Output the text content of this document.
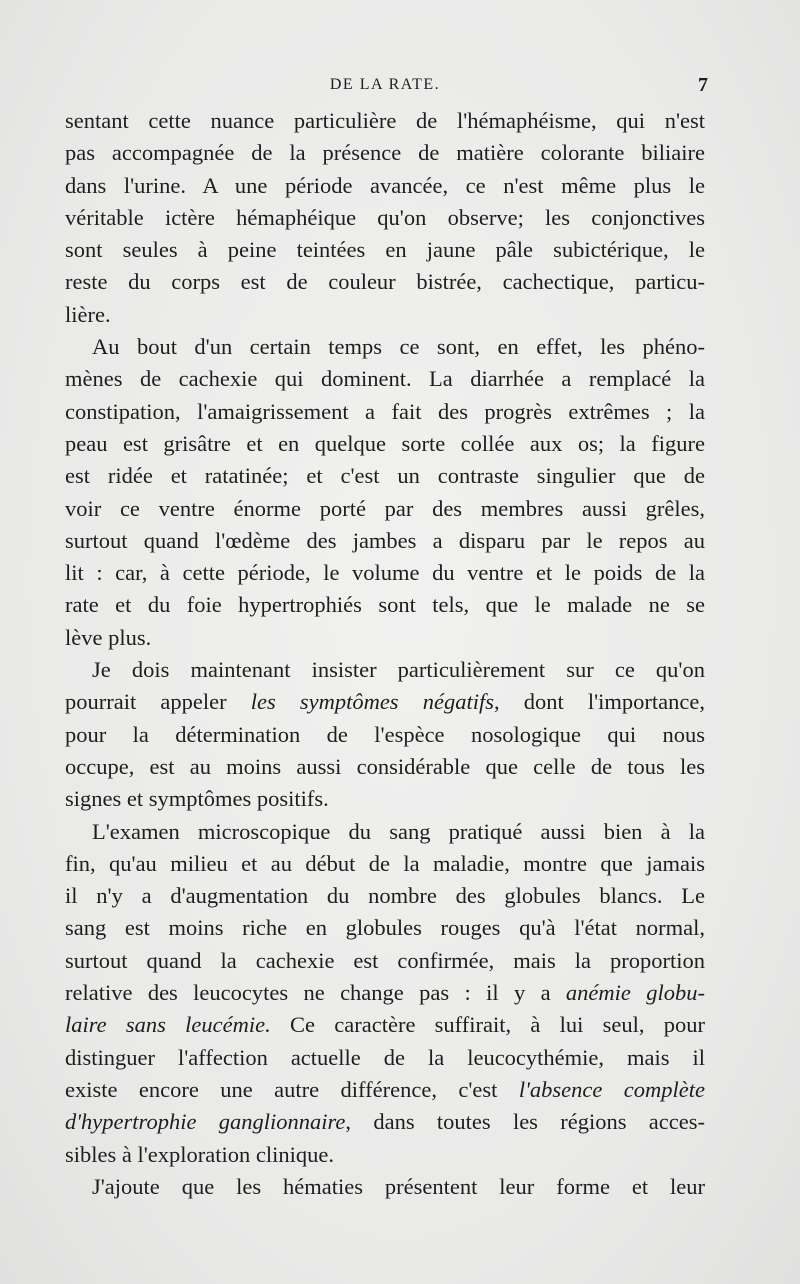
DE LA RATE.	7
sentant cette nuance particulière de l'hémaphéisme, qui n'est
pas accompagnée de la présence de matière colorante biliaire
dans l'urine. A une période avancée, ce n'est même plus le
véritable ictère hémaphéique qu'on observe; les conjonctives
sont seules à peine teintées en jaune pâle subictérique, le
reste du corps est de couleur bistrée, cachectique, particu-
lière.
Au bout d'un certain temps ce sont, en effet, les phéno-
mènes de cachexie qui dominent. La diarrhée a remplacé la
constipation, l'amaigrissement a fait des progrès extrêmes ; la
peau est grisâtre et en quelque sorte collée aux os; la figure
est ridée et ratatinée; et c'est un contraste singulier que de
voir ce ventre énorme porté par des membres aussi grêles,
surtout quand l'œdème des jambes a disparu par le repos au
lit : car, à cette période, le volume du ventre et le poids de la
rate et du foie hypertrophiés sont tels, que le malade ne se
lève plus.
Je dois maintenant insister particulièrement sur ce qu'on
pourrait appeler les symptômes négatifs, dont l'importance,
pour la détermination de l'espèce nosologique qui nous
occupe, est au moins aussi considérable que celle de tous les
signes et symptômes positifs.
L'examen microscopique du sang pratiqué aussi bien à la
fin, qu'au milieu et au début de la maladie, montre que jamais
il n'y a d'augmentation du nombre des globules blancs. Le
sang est moins riche en globules rouges qu'à l'état normal,
surtout quand la cachexie est confirmée, mais la proportion
relative des leucocytes ne change pas : il y a anémie globu-
laire sans leucémie. Ce caractère suffirait, à lui seul, pour
distinguer l'affection actuelle de la leucocythémie, mais il
existe encore une autre différence, c'est l'absence complète
d'hypertrophie ganglionnaire, dans toutes les régions acces-
sibles à l'exploration clinique.
J'ajoute que les hématies présentent leur forme et leur
